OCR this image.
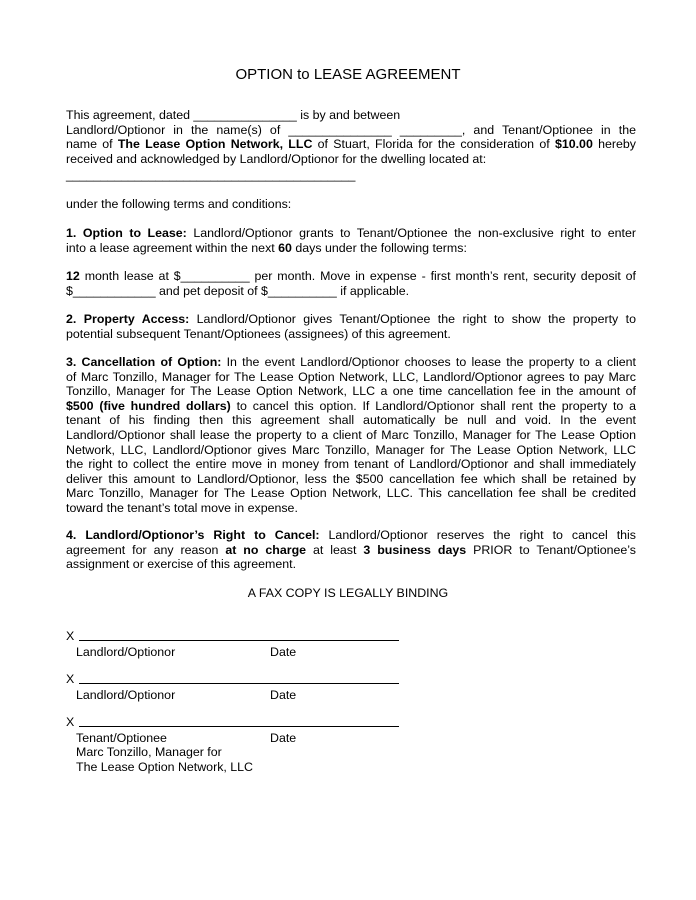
OPTION to LEASE AGREEMENT
This agreement, dated _______________ is by and between
Landlord/Optionor in the name(s) of _______________ _________, and Tenant/Optionee in the
name of The Lease Option Network, LLC of Stuart, Florida for the consideration of $10.00 hereby
received and acknowledged by Landlord/Optionor for the dwelling located at:
__________________________________________
under the following terms and conditions:
1. Option to Lease: Landlord/Optionor grants to Tenant/Optionee the non-exclusive right to enter
into a lease agreement within the next 60 days under the following terms:
12 month lease at $__________ per month. Move in expense - first month’s rent, security deposit of
$____________ and pet deposit of $__________ if applicable.
2. Property Access: Landlord/Optionor gives Tenant/Optionee the right to show the property to
potential subsequent Tenant/Optionees (assignees) of this agreement.
3. Cancellation of Option: In the event Landlord/Optionor chooses to lease the property to a client
of Marc Tonzillo, Manager for The Lease Option Network, LLC, Landlord/Optionor agrees to pay Marc
Tonzillo, Manager for The Lease Option Network, LLC a one time cancellation fee in the amount of
$500 (five hundred dollars) to cancel this option. If Landlord/Optionor shall rent the property to a
tenant of his finding then this agreement shall automatically be null and void. In the event
Landlord/Optionor shall lease the property to a client of Marc Tonzillo, Manager for The Lease Option
Network, LLC, Landlord/Optionor gives Marc Tonzillo, Manager for The Lease Option Network, LLC
the right to collect the entire move in money from tenant of Landlord/Optionor and shall immediately
deliver this amount to Landlord/Optionor, less the $500 cancellation fee which shall be retained by
Marc Tonzillo, Manager for The Lease Option Network, LLC. This cancellation fee shall be credited
toward the tenant’s total move in expense.
4. Landlord/Optionor’s Right to Cancel: Landlord/Optionor reserves the right to cancel this
agreement for any reason at no charge at least 3 business days PRIOR to Tenant/Optionee’s
assignment or exercise of this agreement.
A FAX COPY IS LEGALLY BINDING
X
Landlord/Optionor	Date
X
Landlord/Optionor	Date
X
Tenant/Optionee	Date
Marc Tonzillo, Manager for
The Lease Option Network, LLC
